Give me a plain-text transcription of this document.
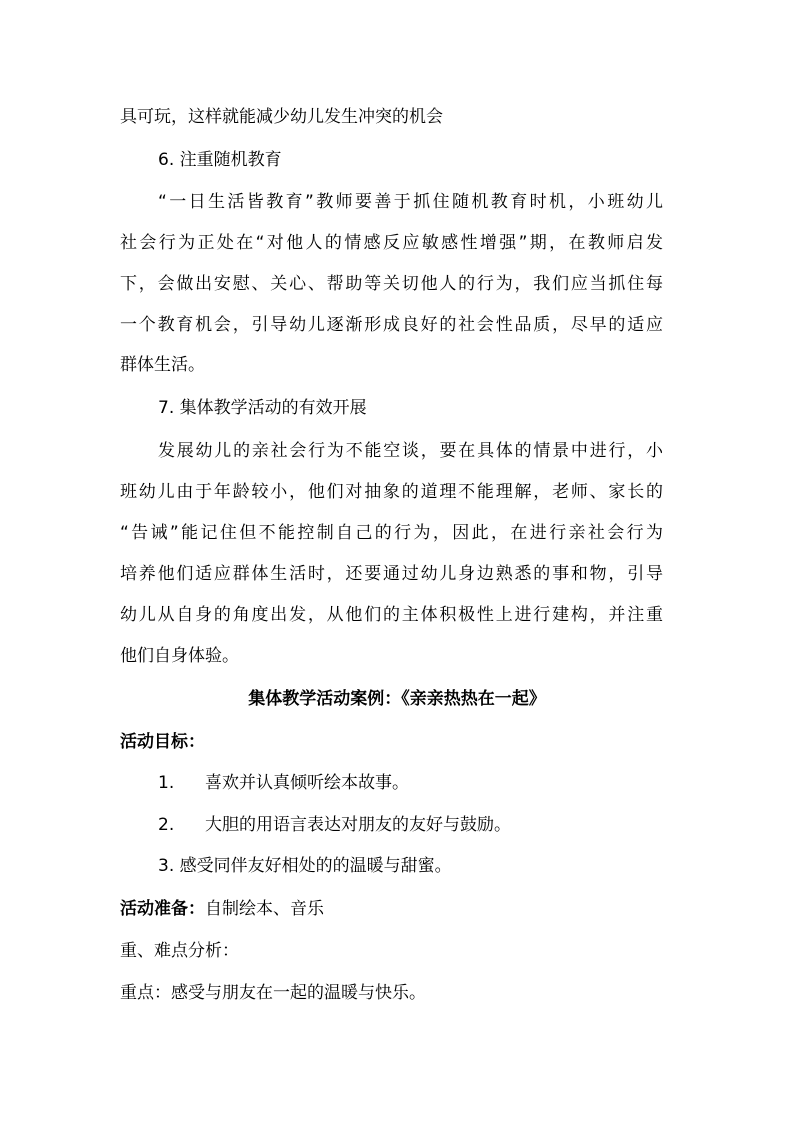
具可玩，这样就能减少幼儿发生冲突的机会
6. 注重随机教育
“一日生活皆教育”教师要善于抓住随机教育时机，小班幼儿
社会行为正处在“对他人的情感反应敏感性增强”期，在教师启发
下，会做出安慰、关心、帮助等关切他人的行为，我们应当抓住每
一个教育机会，引导幼儿逐渐形成良好的社会性品质，尽早的适应
群体生活。
7. 集体教学活动的有效开展
发展幼儿的亲社会行为不能空谈，要在具体的情景中进行，小
班幼儿由于年龄较小，他们对抽象的道理不能理解，老师、家长的
“告诫”能记住但不能控制自己的行为，因此，在进行亲社会行为
培养他们适应群体生活时，还要通过幼儿身边熟悉的事和物，引导
幼儿从自身的角度出发，从他们的主体积极性上进行建构，并注重
他们自身体验。
集体教学活动案例：《亲亲热热在一起》
活动目标：
1. 喜欢并认真倾听绘本故事。
2. 大胆的用语言表达对朋友的友好与鼓励。
3. 感受同伴友好相处的的温暖与甜蜜。
活动准备：自制绘本、音乐
重、难点分析：
重点：感受与朋友在一起的温暖与快乐。
